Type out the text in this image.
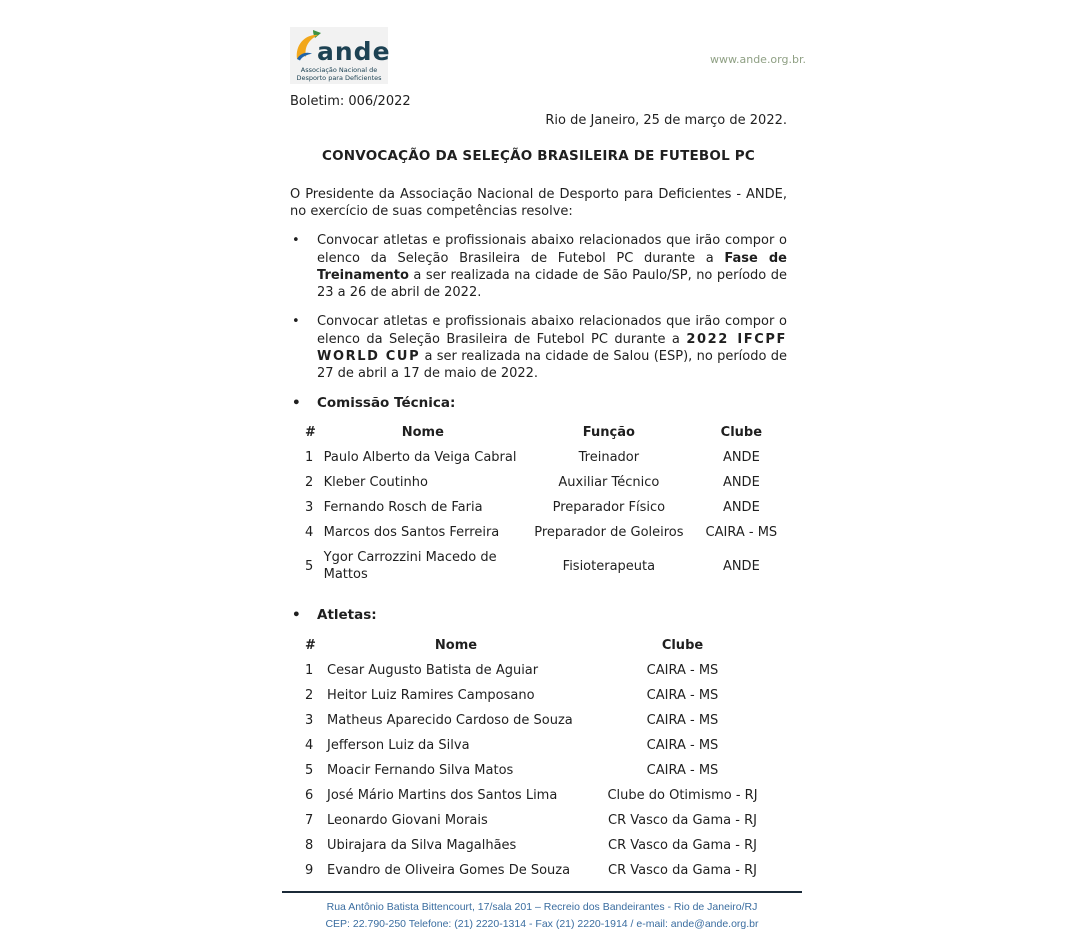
ande
Associação Nacional de
Desporto para Deficientes
www.ande.org.br.
Boletim: 006/2022
Rio de Janeiro, 25 de março de 2022.
CONVOCAÇÃO DA SELEÇÃO BRASILEIRA DE FUTEBOL PC
O Presidente da Associação Nacional de Desporto para Deficientes - ANDE, no exercício de suas competências resolve:
• Convocar atletas e profissionais abaixo relacionados que irão compor o elenco da Seleção Brasileira de Futebol PC durante a Fase de Treinamento a ser realizada na cidade de São Paulo/SP, no período de 23 a 26 de abril de 2022.
• Convocar atletas e profissionais abaixo relacionados que irão compor o elenco da Seleção Brasileira de Futebol PC durante a 2022 IFCPF WORLD CUP a ser realizada na cidade de Salou (ESP), no período de 27 de abril a 17 de maio de 2022.
• Comissão Técnica:
#	Nome	Função	Clube
1	Paulo Alberto da Veiga Cabral	Treinador	ANDE
2	Kleber Coutinho	Auxiliar Técnico	ANDE
3	Fernando Rosch de Faria	Preparador Físico	ANDE
4	Marcos dos Santos Ferreira	Preparador de Goleiros	CAIRA - MS
5	Ygor Carrozzini Macedo de Mattos	Fisioterapeuta	ANDE
• Atletas:
#	Nome	Clube
1	Cesar Augusto Batista de Aguiar	CAIRA - MS
2	Heitor Luiz Ramires Camposano	CAIRA - MS
3	Matheus Aparecido Cardoso de Souza	CAIRA - MS
4	Jefferson Luiz da Silva	CAIRA - MS
5	Moacir Fernando Silva Matos	CAIRA - MS
6	José Mário Martins dos Santos Lima	Clube do Otimismo - RJ
7	Leonardo Giovani Morais	CR Vasco da Gama - RJ
8	Ubirajara da Silva Magalhães	CR Vasco da Gama - RJ
9	Evandro de Oliveira Gomes De Souza	CR Vasco da Gama - RJ
Rua Antônio Batista Bittencourt, 17/sala 201 – Recreio dos Bandeirantes - Rio de Janeiro/RJ
CEP: 22.790-250 Telefone: (21) 2220-1314 - Fax (21) 2220-1914 / e-mail: ande@ande.org.br
